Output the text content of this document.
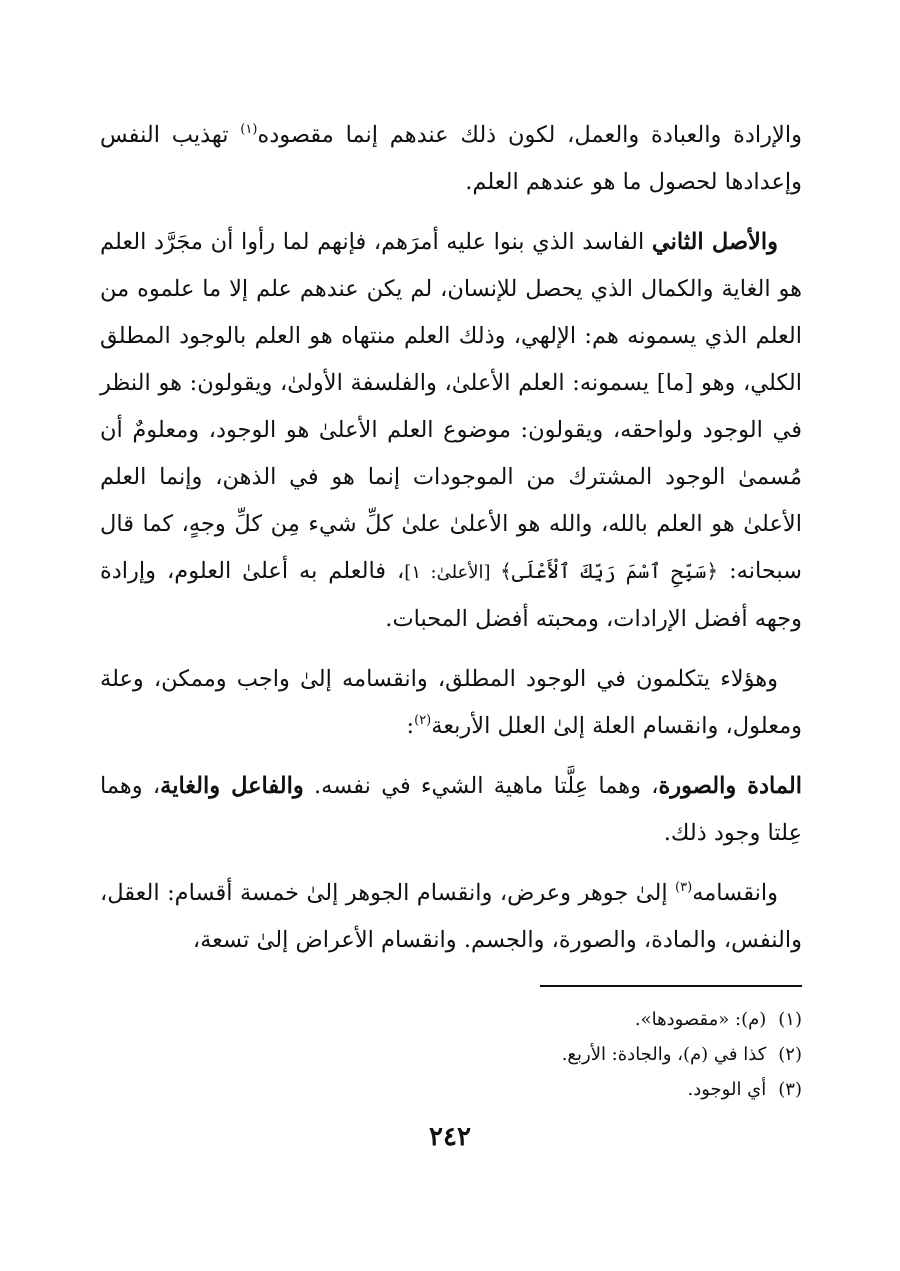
والإرادة والعبادة والعمل، لكون ذلك عندهم إنما مقصوده$^{(١)}$ تهذيب النفس وإعدادها لحصول ما هو عندهم العلم.

والأصل الثاني الفاسد الذي بنوا عليه أمرَهم، فإنهم لما رأوا أن مجَرَّد العلم هو الغاية والكمال الذي يحصل للإنسان، لم يكن عندهم علم إلا ما علموه من العلم الذي يسمونه هم: الإلهي، وذلك العلم منتهاه هو العلم بالوجود المطلق الكلي، وهو [ما] يسمونه: العلم الأعلىٰ، والفلسفة الأولىٰ، ويقولون: هو النظر في الوجود ولواحقه، ويقولون: موضوع العلم الأعلىٰ هو الوجود، ومعلومٌ أن مُسمىٰ الوجود المشترك من الموجودات إنما هو في الذهن، وإنما العلم الأعلىٰ هو العلم بالله، والله هو الأعلىٰ علىٰ كلِّ شيء مِن كلِّ وجهٍ، كما قال سبحانه: ﴿سَبِّحِ ٱسْمَ رَبِّكَ ٱلْأَعْلَى﴾ [الأعلىٰ: ١]، فالعلم به أعلىٰ العلوم، وإرادة وجهه أفضل الإرادات، ومحبته أفضل المحبات.

وهؤلاء يتكلمون في الوجود المطلق، وانقسامه إلىٰ واجب وممكن، وعلة ومعلول، وانقسام العلة إلىٰ العلل الأربعة$^{(٢)}$:

المادة والصورة، وهما عِلَّتا ماهية الشيء في نفسه. والفاعل والغاية، وهما عِلتا وجود ذلك.

وانقسامه$^{(٣)}$ إلىٰ جوهر وعرض، وانقسام الجوهر إلىٰ خمسة أقسام: العقل، والنفس، والمادة، والصورة، والجسم. وانقسام الأعراض إلىٰ تسعة،

(١)(م): «مقصودها».

(٢)كذا في (م)، والجادة: الأربع.

(٣)أي الوجود.

٢٤٢
